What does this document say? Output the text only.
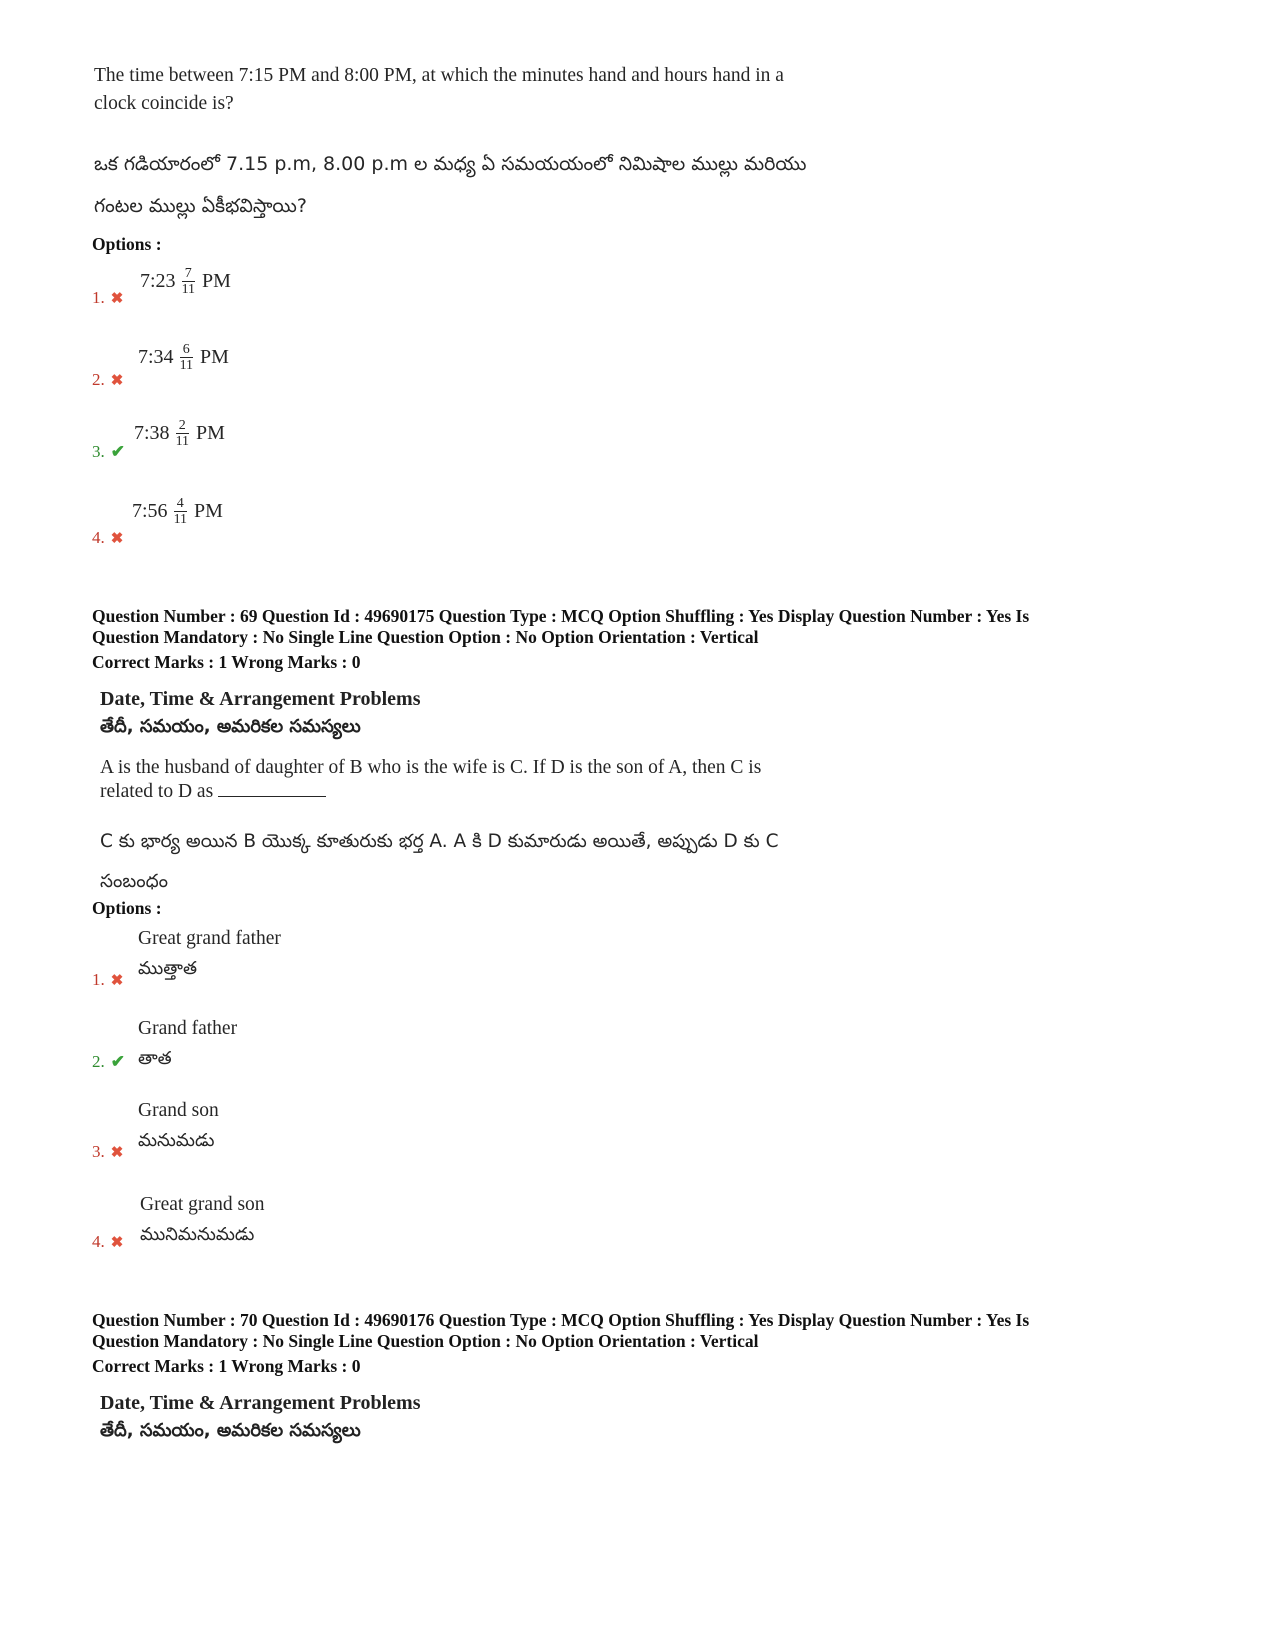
The time between 7:15 PM and 8:00 PM, at which the minutes hand and hours hand in a
clock coincide is?
ఒక గడియారంలో 7.15 p.m, 8.00 p.m ల మధ్య ఏ సమయయంలో నిమిషాల ముల్లు మరియు
గంటల ముల్లు ఏకీభవిస్తాయి?
Options :
1. ✖
7:23 $\frac{7}{11}$ PM
2. ✖
7:34 $\frac{6}{11}$ PM
3. ✔
7:38 $\frac{2}{11}$ PM
4. ✖
7:56 $\frac{4}{11}$ PM
Question Number : 69 Question Id : 49690175 Question Type : MCQ Option Shuffling : Yes Display Question Number : Yes Is
Question Mandatory : No Single Line Question Option : No Option Orientation : Vertical
Correct Marks : 1 Wrong Marks : 0
Date, Time & Arrangement Problems
తేదీ, సమయం, అమరికల సమస్యలు
A is the husband of daughter of B who is the wife is C. If D is the son of A, then C is
related to D as
C కు భార్య అయిన B యొక్క కూతురుకు భర్త A. A కి D కుమారుడు అయితే, అప్పుడు D కు C
సంబంధం
Options :
Great grand father
1. ✖
ముత్తాత
Grand father
2. ✔ తాత
Grand son
3. ✖
మనుమడు
Great grand son
4. ✖ మునిమనుమడు
Question Number : 70 Question Id : 49690176 Question Type : MCQ Option Shuffling : Yes Display Question Number : Yes Is
Question Mandatory : No Single Line Question Option : No Option Orientation : Vertical
Correct Marks : 1 Wrong Marks : 0
Date, Time & Arrangement Problems
తేదీ, సమయం, అమరికల సమస్యలు
